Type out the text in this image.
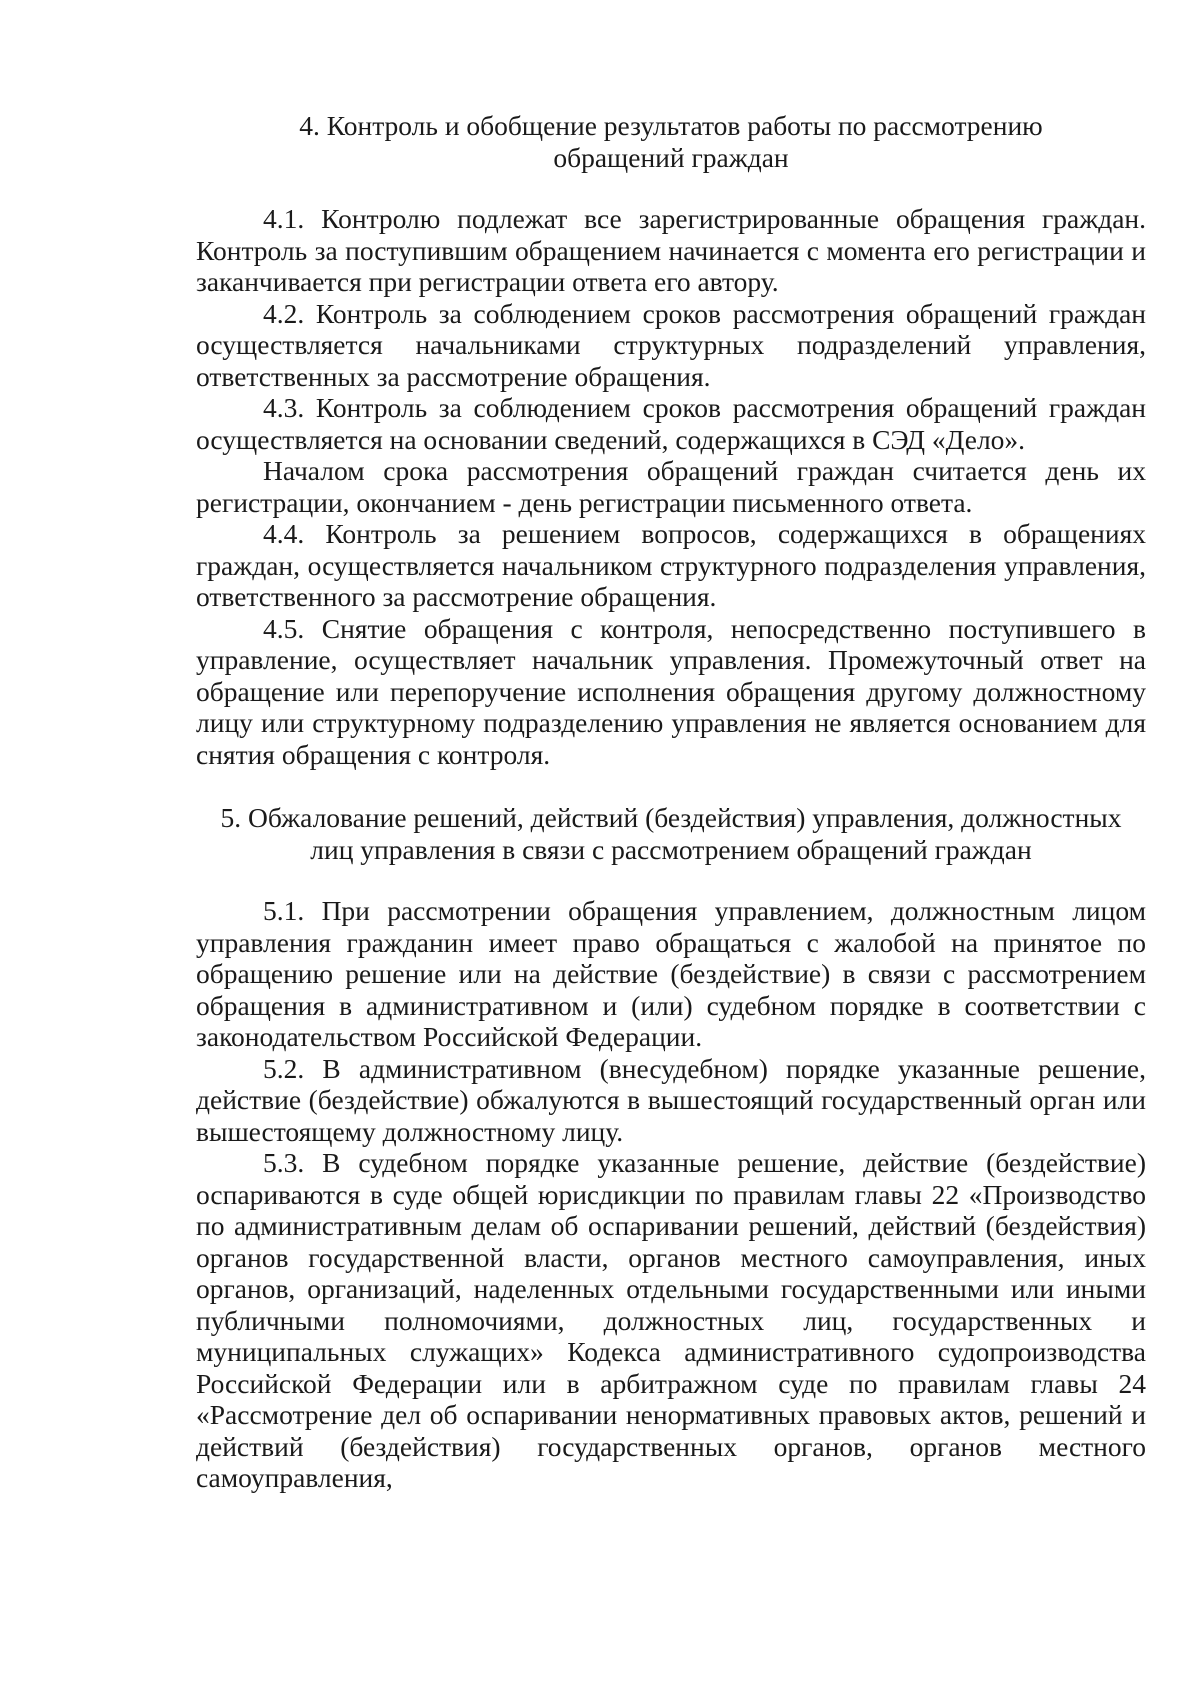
4. Контроль и обобщение результатов работы по рассмотрению
обращений граждан

4.1. Контролю подлежат все зарегистрированные обращения граждан. Контроль за поступившим обращением начинается с момента его регистрации и заканчивается при регистрации ответа его автору.

4.2. Контроль за соблюдением сроков рассмотрения обращений граждан осуществляется начальниками структурных подразделений управления, ответственных за рассмотрение обращения.

4.3. Контроль за соблюдением сроков рассмотрения обращений граждан осуществляется на основании сведений, содержащихся в СЭД «Дело».

Началом срока рассмотрения обращений граждан считается день их регистрации, окончанием - день регистрации письменного ответа.

4.4. Контроль за решением вопросов, содержащихся в обращениях граждан, осуществляется начальником структурного подразделения управления, ответственного за рассмотрение обращения.

4.5. Снятие обращения с контроля, непосредственно поступившего в управление, осуществляет начальник управления. Промежуточный ответ на обращение или перепоручение исполнения обращения другому должностному лицу или структурному подразделению управления не является основанием для снятия обращения с контроля.

5. Обжалование решений, действий (бездействия) управления, должностных
лиц управления в связи с рассмотрением обращений граждан

5.1. При рассмотрении обращения управлением, должностным лицом управления гражданин имеет право обращаться с жалобой на принятое по обращению решение или на действие (бездействие) в связи с рассмотрением обращения в административном и (или) судебном порядке в соответствии с законодательством Российской Федерации.

5.2. В административном (внесудебном) порядке указанные решение, действие (бездействие) обжалуются в вышестоящий государственный орган или вышестоящему должностному лицу.

5.3. В судебном порядке указанные решение, действие (бездействие) оспариваются в суде общей юрисдикции по правилам главы 22 «Производство по административным делам об оспаривании решений, действий (бездействия) органов государственной власти, органов местного самоуправления, иных органов, организаций, наделенных отдельными государственными или иными публичными полномочиями, должностных лиц, государственных и муниципальных служащих» Кодекса административного судопроизводства Российской Федерации или в арбитражном суде по правилам главы 24 «Рассмотрение дел об оспаривании ненормативных правовых актов, решений и действий (бездействия) государственных органов, органов местного самоуправления,
